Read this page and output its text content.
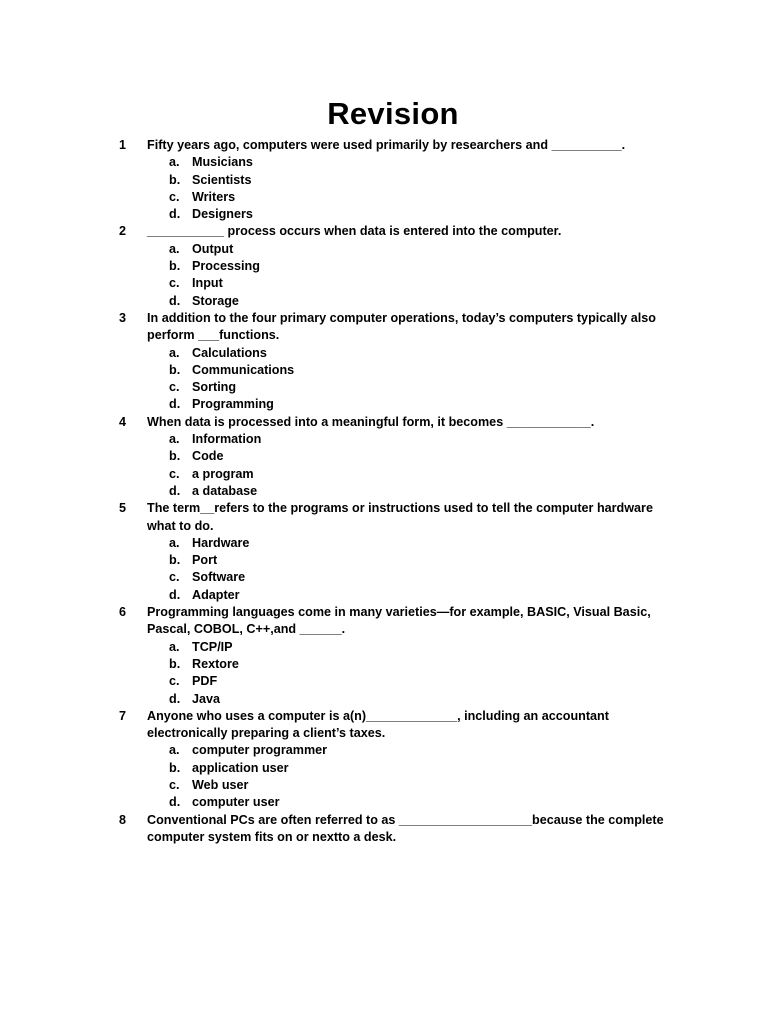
Revision
1 Fifty years ago, computers were used primarily by researchers and __________.
a. Musicians
b. Scientists
c. Writers
d. Designers
2 ___________ process occurs when data is entered into the computer.
a. Output
b. Processing
c. Input
d. Storage
3 In addition to the four primary computer operations, today’s computers typically also perform ___functions.
a. Calculations
b. Communications
c. Sorting
d. Programming
4 When data is processed into a meaningful form, it becomes ____________.
a. Information
b. Code
c. a program
d. a database
5 The term__refers to the programs or instructions used to tell the computer hardware what to do.
a. Hardware
b. Port
c. Software
d. Adapter
6 Programming languages come in many varieties—for example, BASIC, Visual Basic, Pascal, COBOL, C++,and ______.
a. TCP/IP
b. Rextore
c. PDF
d. Java
7 Anyone who uses a computer is a(n)_____________, including an accountant electronically preparing a client’s taxes.
a. computer programmer
b. application user
c. Web user
d. computer user
8 Conventional PCs are often referred to as ___________________because the complete computer system fits on or nextto a desk.
